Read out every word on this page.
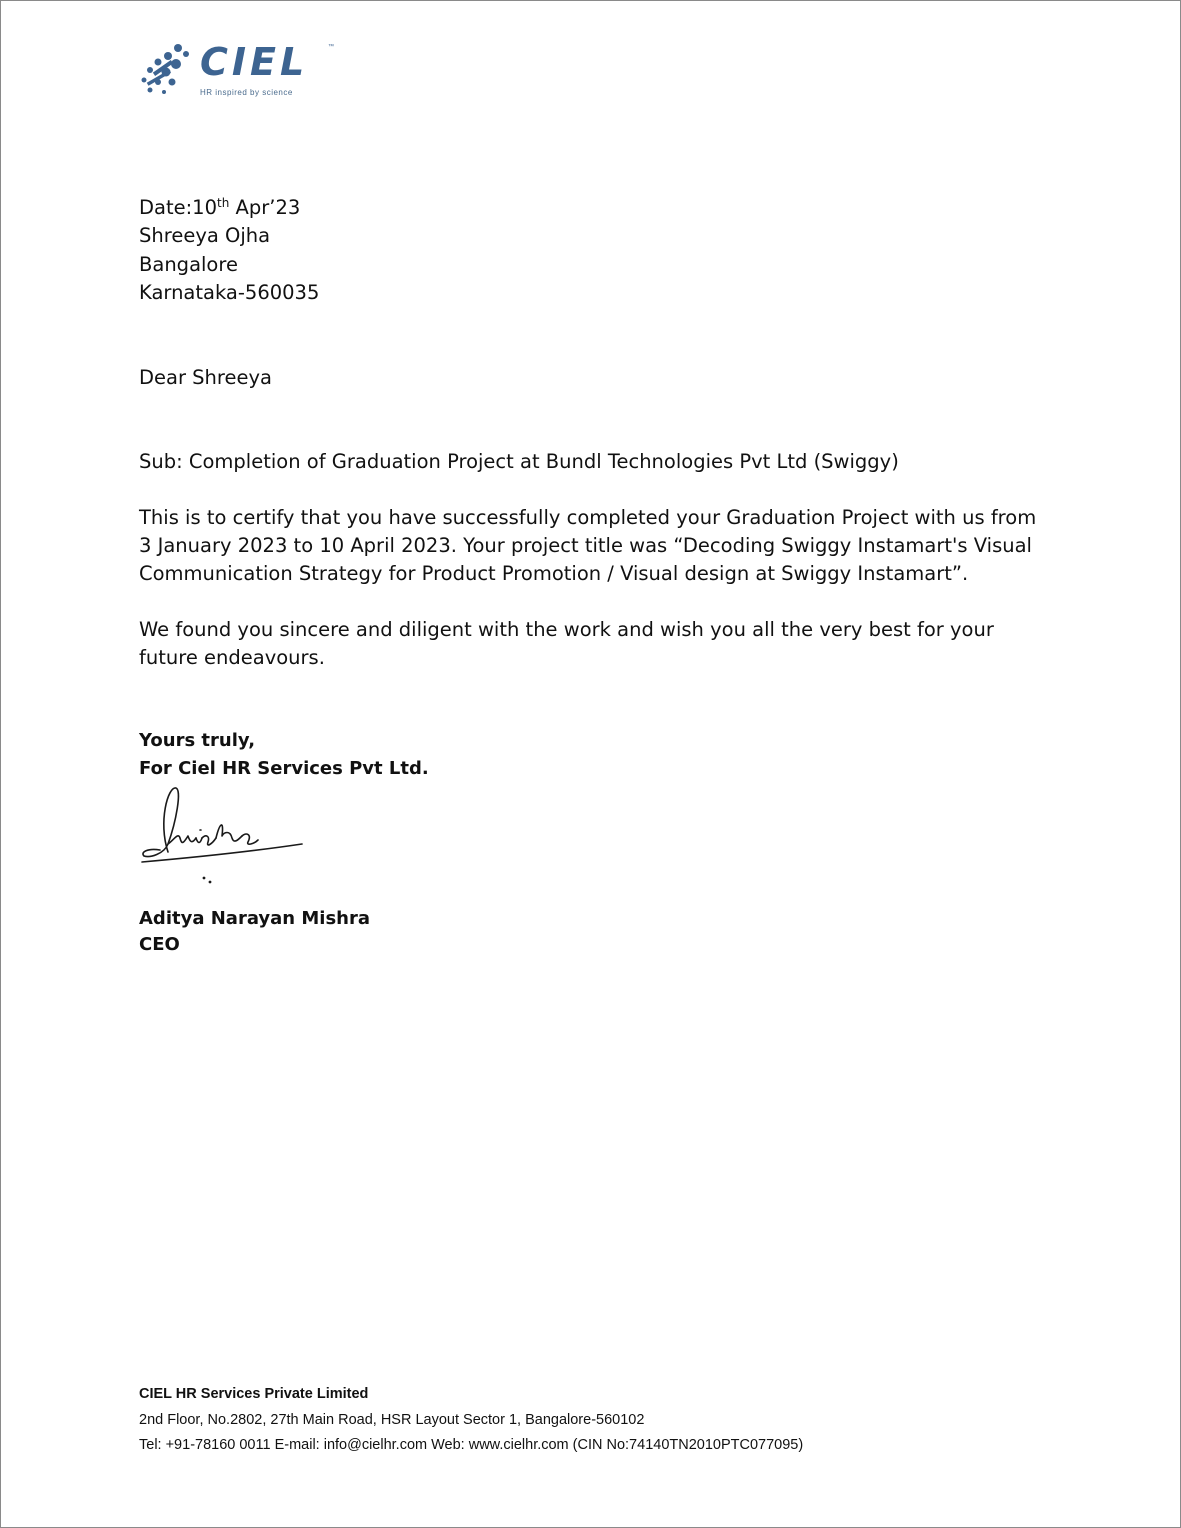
CIEL	™
HR inspired by science
Date:10th Apr’23
Shreeya Ojha
Bangalore
Karnataka-560035
Dear Shreeya
Sub: Completion of Graduation Project at Bundl Technologies Pvt Ltd (Swiggy)
This is to certify that you have successfully completed your Graduation Project with us from
3 January 2023 to 10 April 2023. Your project title was “Decoding Swiggy Instamart's Visual
Communication Strategy for Product Promotion / Visual design at Swiggy Instamart”.
We found you sincere and diligent with the work and wish you all the very best for your
future endeavours.
Yours truly,
For Ciel HR Services Pvt Ltd.
Aditya Narayan Mishra
CEO
CIEL HR Services Private Limited
2nd Floor, No.2802, 27th Main Road, HSR Layout Sector 1, Bangalore-560102
Tel: +91-78160 0011 E-mail: info@cielhr.com Web: www.cielhr.com (CIN No:74140TN2010PTC077095)
